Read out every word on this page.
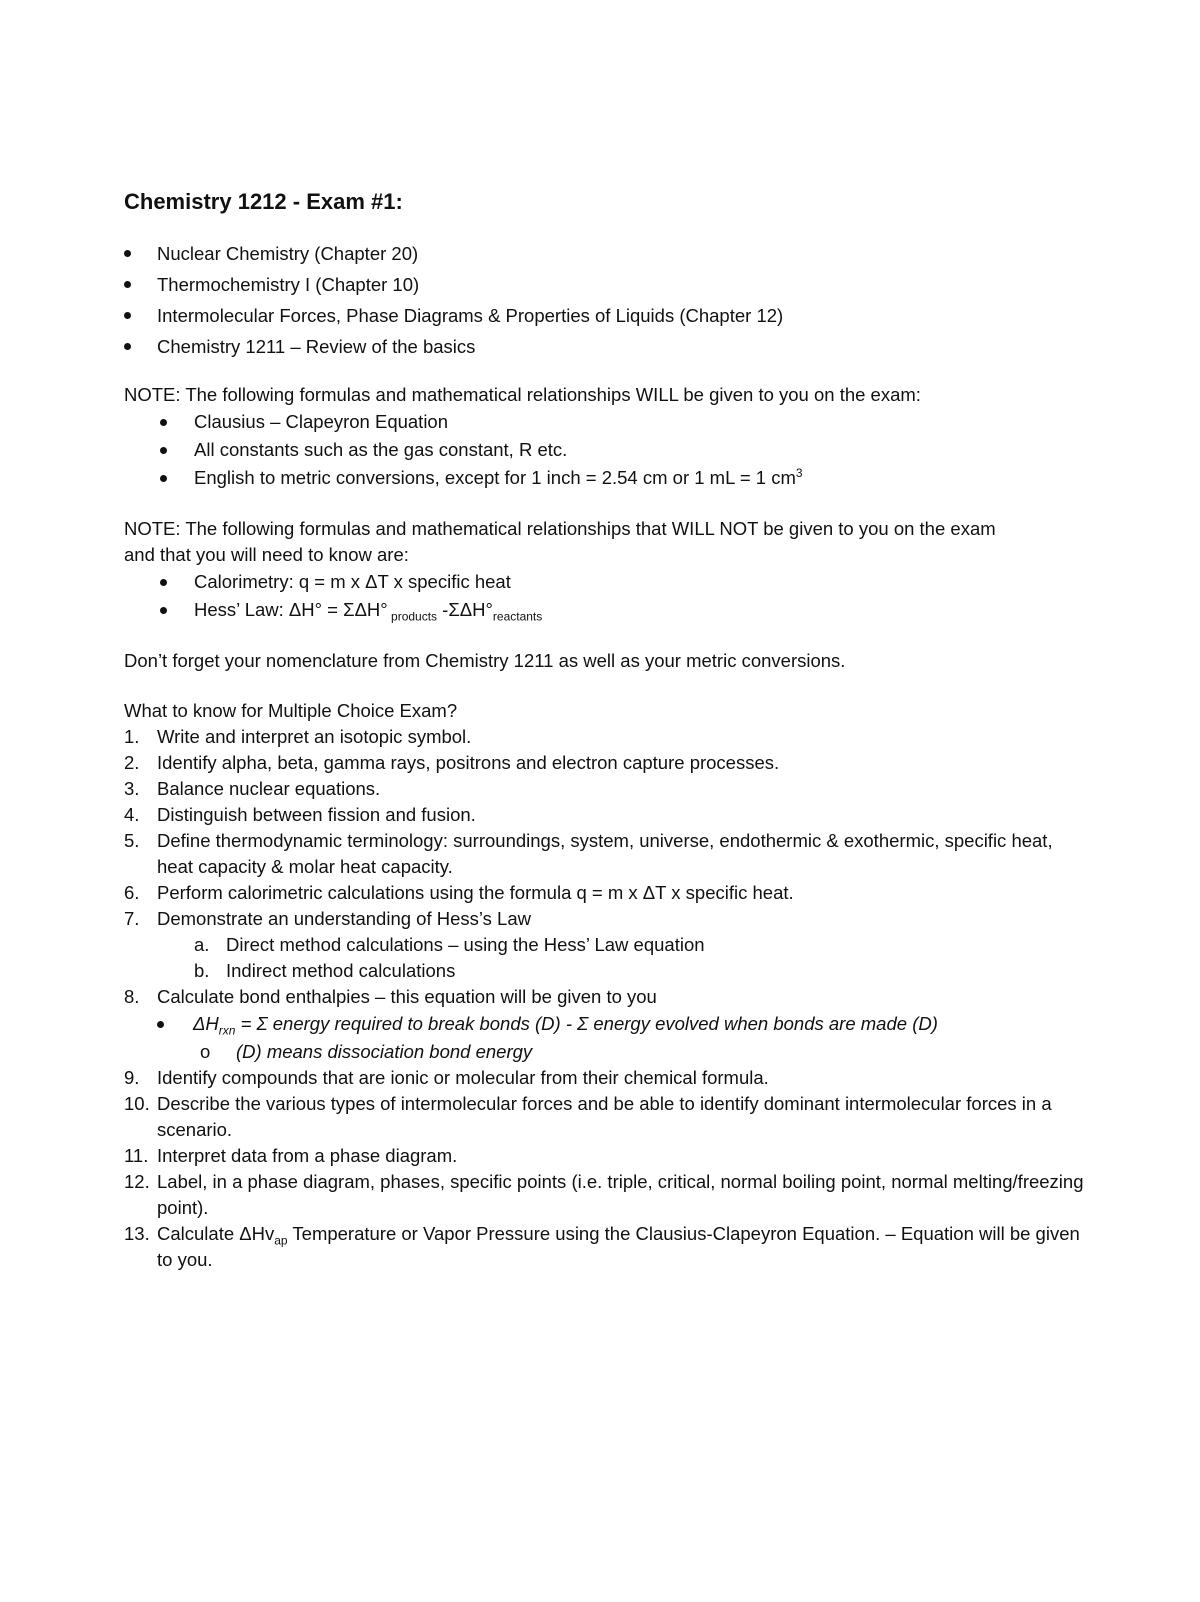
Chemistry 1212 - Exam #1:
Nuclear Chemistry (Chapter 20)
Thermochemistry I (Chapter 10)
Intermolecular Forces, Phase Diagrams & Properties of Liquids (Chapter 12)
Chemistry 1211 – Review of the basics

NOTE: The following formulas and mathematical relationships WILL be given to you on the exam:

Clausius – Clapeyron Equation
All constants such as the gas constant, R etc.
English to metric conversions, except for 1 inch = 2.54 cm or 1 mL = 1 $cm^3$

NOTE: The following formulas and mathematical relationships that WILL NOT be given to you on the exam

and that you will need to know are:

Calorimetry: q = m x ΔT x specific heat
Hess’ Law: ΔH° = ΣΔH° $_{products}$ $-\Sigma\Delta H^\circ_{reactants}$

Don’t forget your nomenclature from Chemistry 1211 as well as your metric conversions.

What to know for Multiple Choice Exam?

1. Write and interpret an isotopic symbol.
2. Identify alpha, beta, gamma rays, positrons and electron capture processes.
3. Balance nuclear equations.
4. Distinguish between fission and fusion.
5. Define thermodynamic terminology: surroundings, system, universe, endothermic & exothermic, specific heat, heat capacity & molar heat capacity.
6. Perform calorimetric calculations using the formula q = m x ΔT x specific heat.
7. Demonstrate an understanding of Hess’s Law
a. Direct method calculations – using the Hess’ Law equation
b. Indirect method calculations
8. Calculate bond enthalpies – this equation will be given to you
$\Delta H_{rxn} = \Sigma$ energy required to break bonds (D) - Σ energy evolved when bonds are made (D)
o (D) means dissociation bond energy
9. Identify compounds that are ionic or molecular from their chemical formula.
10. Describe the various types of intermolecular forces and be able to identify dominant intermolecular forces in a scenario.
11. Interpret data from a phase diagram.
12. Label, in a phase diagram, phases, specific points (i.e. triple, critical, normal boiling point, normal melting/freezing point).
13. Calculate ΔHv$_{ap}$ Temperature or Vapor Pressure using the Clausius-Clapeyron Equation. – Equation will be given to you.
